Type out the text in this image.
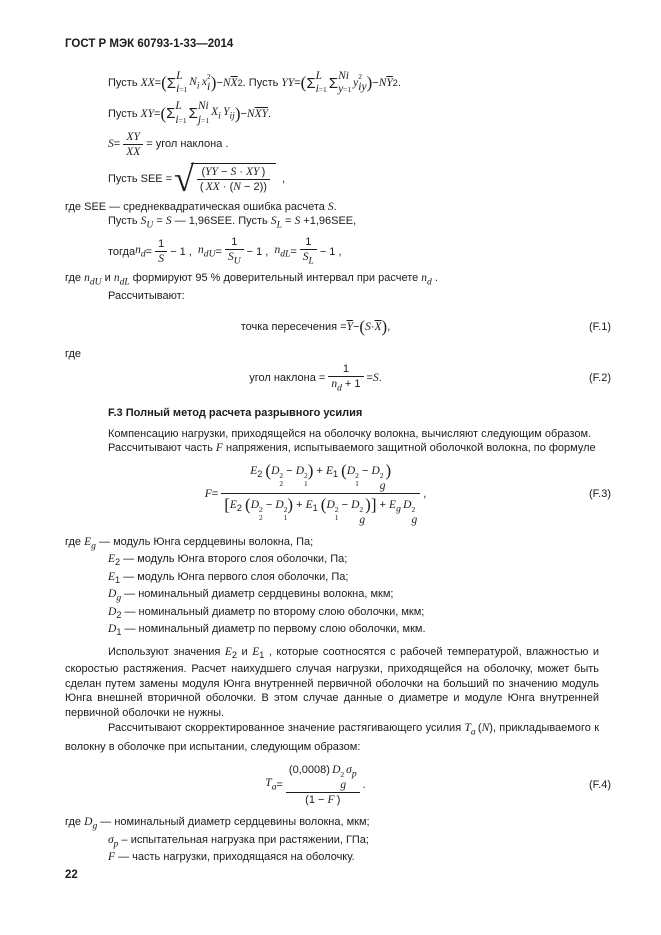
ГОСТ Р МЭК 60793-1-33—2014
Пусть XX = ( Σ L
i=1
$N_i$ x 2
i ) − $N\overline{X}$ 2 . Пусть YY = ( Σ L
i=1 Σ Ni
y=1
y
2
iy ) − $N\overline{Y}$ 2 .
Пусть XY = ( Σ L
i=1 Σ Ni
j=1
$X_i$ $Y_{ij}$ ) − $N\overline{XY}$ .
S =
XY
XX
= угол наклона .
Пусть SEE = √ $\frac{(YY - S \cdot XY )}{( XX \cdot (N - 2))}$ ,
где SEE — среднеквадратическая ошибка расчета S.
Пусть $S_U = S$ — 1,96SEE. Пусть $S_L = S +1,96SEE$,
тогда $n_d$ =
1
S
− 1 , $n_{dU}$ =
1
$S_U$
− 1 , $n_{dL}$ =
1
$S_L$
− 1 ,
где $n_{dU}$ и $n_{dL}$ формируют 95 % доверительный интервал при расчете $n_d$ .
Рассчитывают:
точка пересечения = $\overline{Y}$ − ( $S \cdot \overline{X}$ ) ,	(F.1)
где
угол наклона =
1
$n_d + 1 = S$ .	(F.2)
F.3 Полный метод расчета разрывного усилия
Компенсацию нагрузки, приходящейся на оболочку волокна, вычисляют следующим образом.
Рассчитывают часть F напряжения, испытываемого защитной оболочкой волокна, по формуле
F =
$E_2$ (D 2
2
− D 2
1
) + $E_1$ (D 2
1
− D 2
g
)
[$E_2$ (D 2
2
− D 2
1
) + $E_1$ (D 2
1
− D 2
g
)] + $E_g$ D 2
g
,	(F.3)
где $E_g$ — модуль Юнга сердцевины волокна, Па;
$E_2$ — модуль Юнга второго слоя оболочки, Па;
$E_1$ — модуль Юнга первого слоя оболочки, Па;
$D_g$ — номинальный диаметр сердцевины волокна, мкм;
$D_2$ — номинальный диаметр по второму слою оболочки, мкм;
$D_1$ — номинальный диаметр по первому слою оболочки, мкм.

Используют значения $E_2$ и $E_1$ , которые соотносятся с рабочей температурой, влажностью и скоростью растяжения. Расчет наихудшего случая нагрузки, приходящейся на оболочку, может быть сделан путем замены модуля Юнга внутренней первичной оболочки на больший по значению модуль Юнга внешней вторичной оболочки. В этом случае данные о диаметре и модуле Юнга внутренней первичной оболочки не нужны.

Рассчитывают скорректированное значение растягивающего усилия $T_a$ (N), прикладываемого к волокну в оболочке при испытании, следующим образом:

$T_a$ =
(0,0008) D 2
g
$\sigma_p$
(1 − F )
.	(F.4)
где $D_g$ — номинальный диаметр сердцевины волокна, мкм;
$\sigma_p$ – испытательная нагрузка при растяжении, ГПа;
F — часть нагрузки, приходящаяся на оболочку.
22
